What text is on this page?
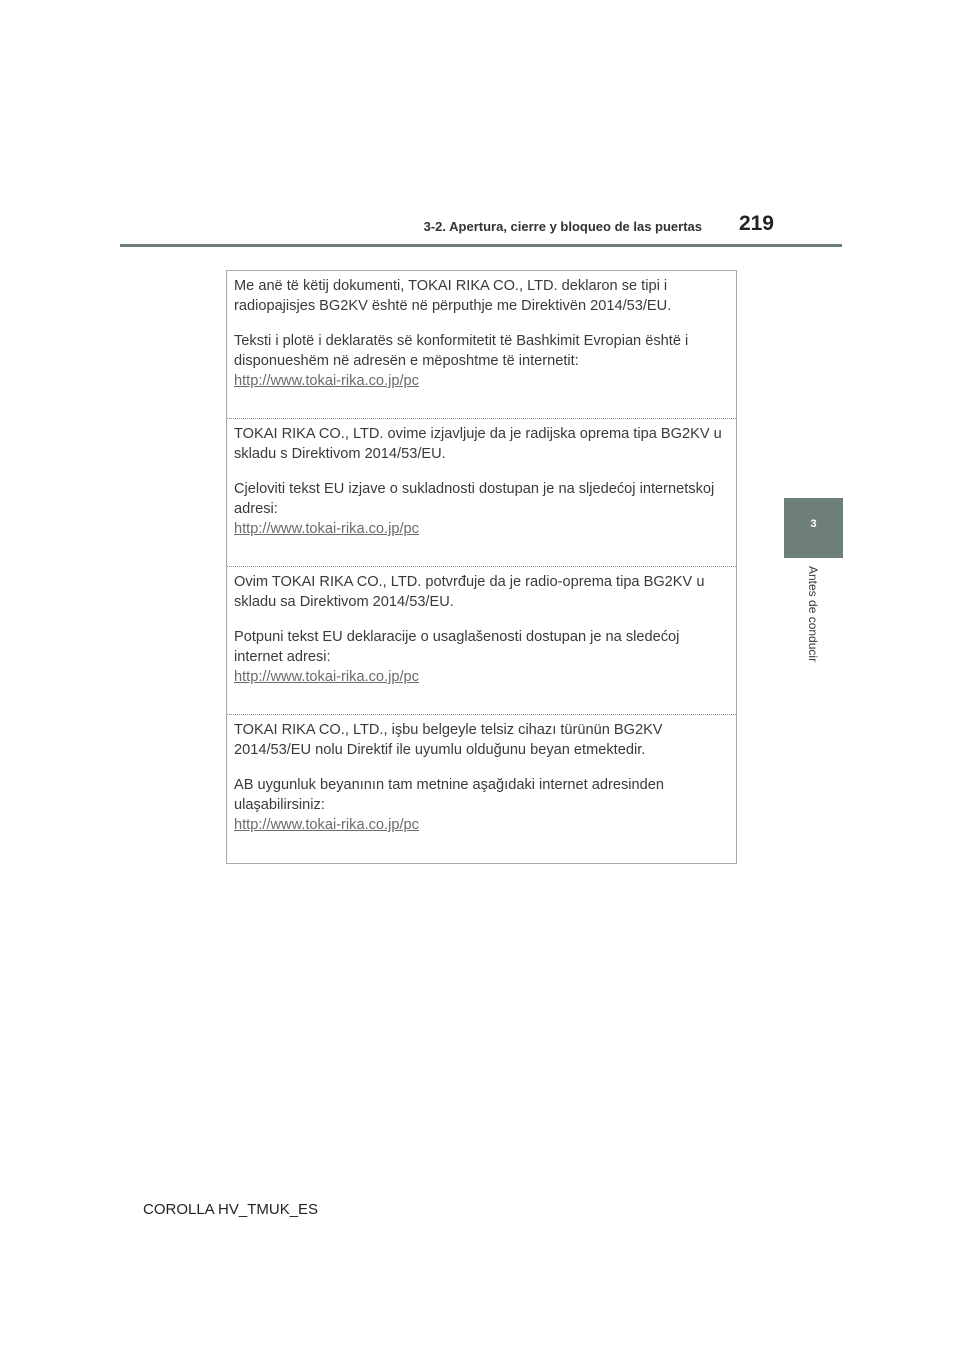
3-2. Apertura, cierre y bloqueo de las puertas 219
3
Antes de conducir

Me anë të këtij dokumenti, TOKAI RIKA CO., LTD. deklaron se tipi i radiopajisjes BG2KV është në përputhje me Direktivën 2014/53/EU.

Teksti i plotë i deklaratës së konformitetit të Bashkimit Evropian është i disponueshëm në adresën e mëposhtme të internetit:

http://www.tokai-rika.co.jp/pc

TOKAI RIKA CO., LTD. ovime izjavljuje da je radijska oprema tipa BG2KV u skladu s Direktivom 2014/53/EU.

Cjeloviti tekst EU izjave o sukladnosti dostupan je na sljedećoj internetskoj adresi:

http://www.tokai-rika.co.jp/pc

Ovim TOKAI RIKA CO., LTD. potvrđuje da je radio-oprema tipa BG2KV u skladu sa Direktivom 2014/53/EU.

Potpuni tekst EU deklaracije o usaglašenosti dostupan je na sledećoj internet adresi:

http://www.tokai-rika.co.jp/pc

TOKAI RIKA CO., LTD., işbu belgeyle telsiz cihazı türünün BG2KV 2014/53/EU nolu Direktif ile uyumlu olduğunu beyan etmektedir.

AB uygunluk beyanının tam metnine aşağıdaki internet adresinden ulaşabilirsiniz:

http://www.tokai-rika.co.jp/pc
COROLLA HV_TMUK_ES
